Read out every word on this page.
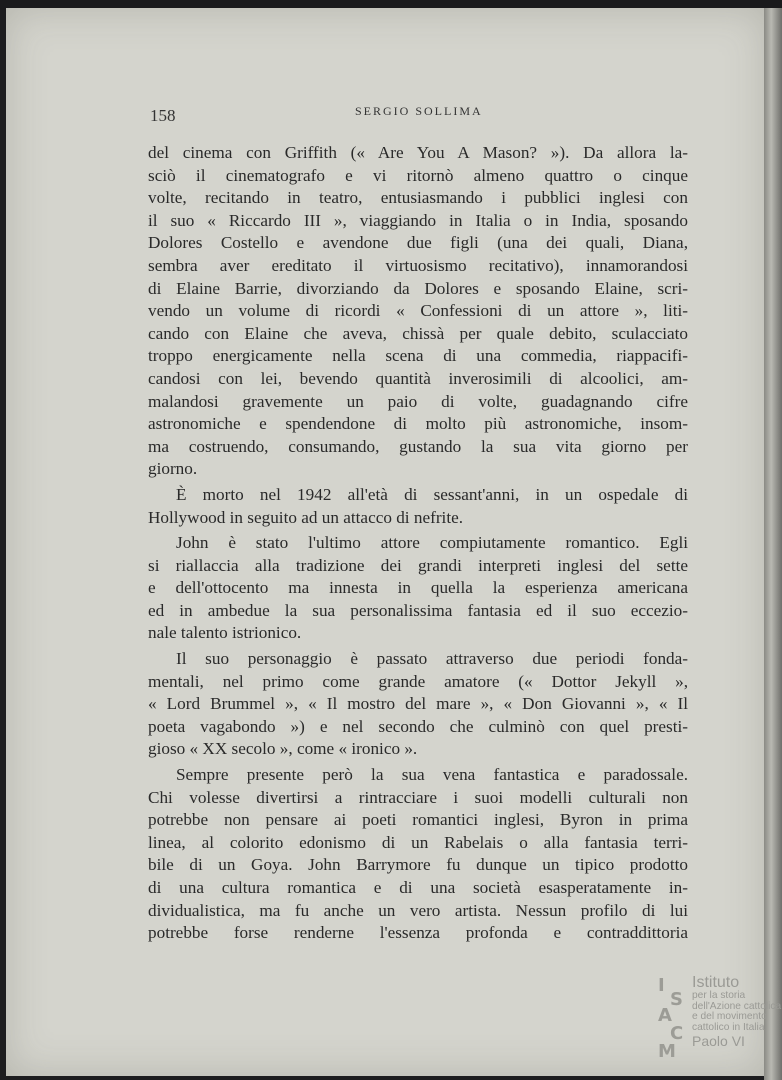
158	SERGIO SOLLIMA
del cinema con Griffith (« Are You A Mason? »). Da allora la-
sciò il cinematografo e vi ritornò almeno quattro o cinque
volte, recitando in teatro, entusiasmando i pubblici inglesi con
il suo « Riccardo III », viaggiando in Italia o in India, sposando
Dolores Costello e avendone due figli (una dei quali, Diana,
sembra aver ereditato il virtuosismo recitativo), innamorandosi
di Elaine Barrie, divorziando da Dolores e sposando Elaine, scri-
vendo un volume di ricordi « Confessioni di un attore », liti-
cando con Elaine che aveva, chissà per quale debito, sculacciato
troppo energicamente nella scena di una commedia, riappacifi-
candosi con lei, bevendo quantità inverosimili di alcoolici, am-
malandosi gravemente un paio di volte, guadagnando cifre
astronomiche e spendendone di molto più astronomiche, insom-
ma costruendo, consumando, gustando la sua vita giorno per
giorno.
È morto nel 1942 all'età di sessant'anni, in un ospedale di
Hollywood in seguito ad un attacco di nefrite.
John è stato l'ultimo attore compiutamente romantico. Egli
si riallaccia alla tradizione dei grandi interpreti inglesi del sette
e dell'ottocento ma innesta in quella la esperienza americana
ed in ambedue la sua personalissima fantasia ed il suo eccezio-
nale talento istrionico.
Il suo personaggio è passato attraverso due periodi fonda-
mentali, nel primo come grande amatore (« Dottor Jekyll »,
« Lord Brummel », « Il mostro del mare », « Don Giovanni », « Il
poeta vagabondo ») e nel secondo che culminò con quel presti-
gioso « XX secolo », come « ironico ».
Sempre presente però la sua vena fantastica e paradossale.
Chi volesse divertirsi a rintracciare i suoi modelli culturali non
potrebbe non pensare ai poeti romantici inglesi, Byron in prima
linea, al colorito edonismo di un Rabelais o alla fantasia terri-
bile di un Goya. John Barrymore fu dunque un tipico prodotto
di una cultura romantica e di una società esasperatamente in-
dividualistica, ma fu anche un vero artista. Nessun profilo di lui
potrebbe forse renderne l'essenza profonda e contraddittoria
I
S
A
C
M
Istituto
per la storia
dell'Azione cattolica
e del movimento
cattolico in Italia
Paolo VI
